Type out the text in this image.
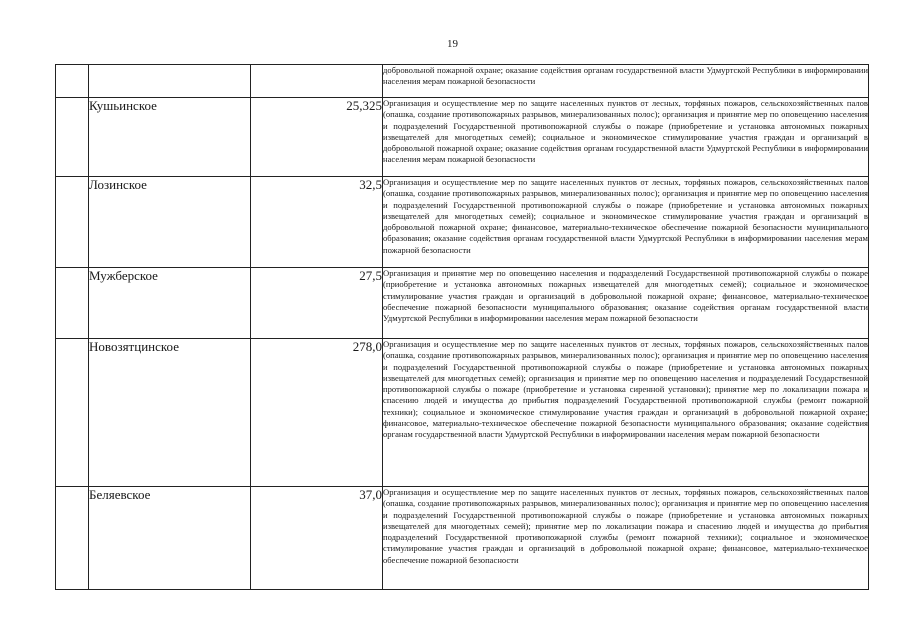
19
			добровольной пожарной охране; оказание содействия органам государственной власти Удмуртской Республики в информировании населения мерам пожарной безопасности
	Кушьинское	25,325	Организация и осуществление мер по защите населенных пунктов от лесных, торфяных пожаров, сельскохозяйственных палов (опашка, создание противопожарных разрывов, минерализованных полос); организация и принятие мер по оповещению населения и подразделений Государственной противопожарной службы о пожаре (приобретение и установка автономных пожарных извещателей для многодетных семей); социальное и экономическое стимулирование участия граждан и организаций в добровольной пожарной охране; оказание содействия органам государственной власти Удмуртской Республики в информировании населения мерам пожарной безопасности
	Лозинское	32,5	Организация и осуществление мер по защите населенных пунктов от лесных, торфяных пожаров, сельскохозяйственных палов (опашка, создание противопожарных разрывов, минерализованных полос); организация и принятие мер по оповещению населения и подразделений Государственной противопожарной службы о пожаре (приобретение и установка автономных пожарных извещателей для многодетных семей); социальное и экономическое стимулирование участия граждан и организаций в добровольной пожарной охране; финансовое, материально-техническое обеспечение пожарной безопасности муниципального образования; оказание содействия органам государственной власти Удмуртской Республики в информировании населения мерам пожарной безопасности
	Мужберское	27,5	Организация и принятие мер по оповещению населения и подразделений Государственной противопожарной службы о пожаре (приобретение и установка автономных пожарных извещателей для многодетных семей); социальное и экономическое стимулирование участия граждан и организаций в добровольной пожарной охране; финансовое, материально-техническое обеспечение пожарной безопасности муниципального образования; оказание содействия органам государственной власти Удмуртской Республики в информировании населения мерам пожарной безопасности
	Новозятцинское	278,0	Организация и осуществление мер по защите населенных пунктов от лесных, торфяных пожаров, сельскохозяйственных палов (опашка, создание противопожарных разрывов, минерализованных полос); организация и принятие мер по оповещению населения и подразделений Государственной противопожарной службы о пожаре (приобретение и установка автономных пожарных извещателей для многодетных семей); организация и принятие мер по оповещению населения и подразделений Государственной противопожарной службы о пожаре (приобретение и установка сиренной установки); принятие мер по локализации пожара и спасению людей и имущества до прибытия подразделений Государственной противопожарной службы (ремонт пожарной техники); социальное и экономическое стимулирование участия граждан и организаций в добровольной пожарной охране; финансовое, материально-техническое обеспечение пожарной безопасности муниципального образования; оказание содействия органам государственной власти Удмуртской Республики в информировании населения мерам пожарной безопасности
	Беляевское	37,0	Организация и осуществление мер по защите населенных пунктов от лесных, торфяных пожаров, сельскохозяйственных палов (опашка, создание противопожарных разрывов, минерализованных полос); организация и принятие мер по оповещению населения и подразделений Государственной противопожарной службы о пожаре (приобретение и установка автономных пожарных извещателей для многодетных семей); принятие мер по локализации пожара и спасению людей и имущества до прибытия подразделений Государственной противопожарной службы (ремонт пожарной техники); социальное и экономическое стимулирование участия граждан и организаций в добровольной пожарной охране; финансовое, материально-техническое обеспечение пожарной безопасности
